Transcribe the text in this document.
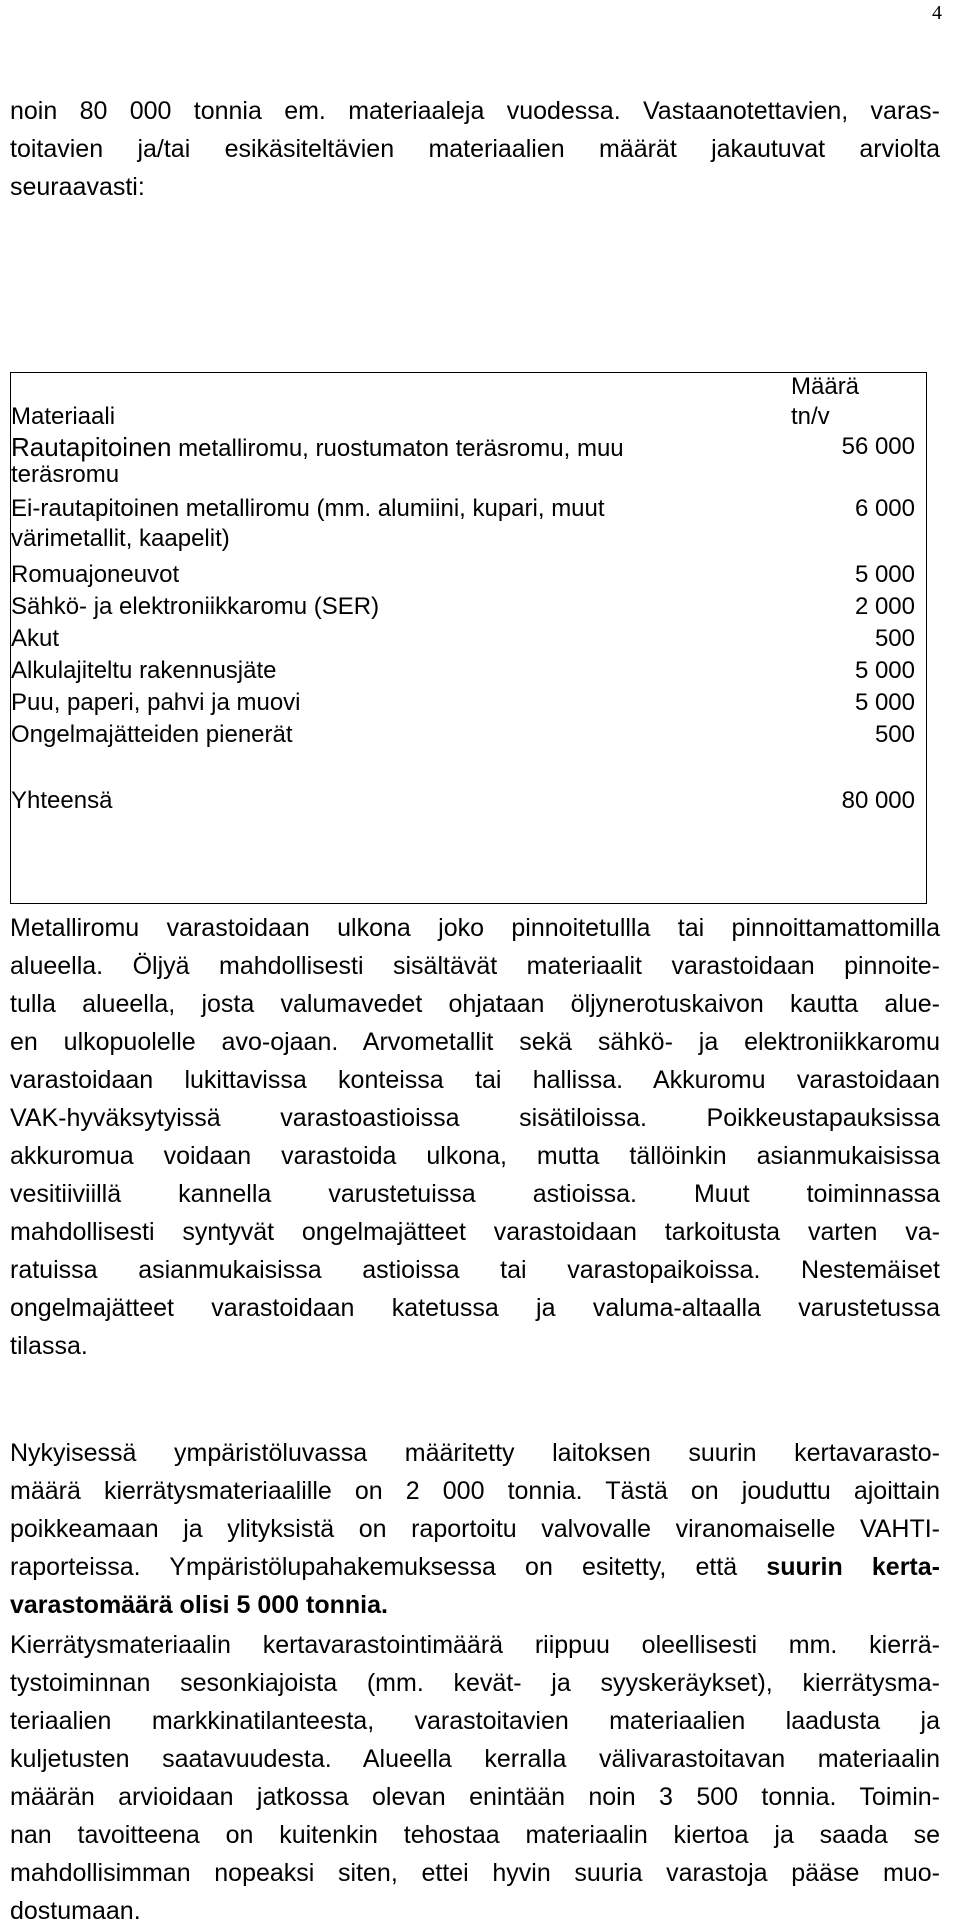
4
noin 80 000 tonnia em. materiaaleja vuodessa. Vastaanotettavien, varas-
toitavien ja/tai esikäsiteltävien materiaalien määrät jakautuvat arviolta
seuraavasti:
Määrä
Materiaali	tn/v
Rautapitoinen metalliromu, ruostumaton teräsromu, muu	56 000
teräsromu
Ei-rautapitoinen metalliromu (mm. alumiini, kupari, muut	6 000
värimetallit, kaapelit)
Romuajoneuvot	5 000
Sähkö- ja elektroniikkaromu (SER)	2 000
Akut	500
Alkulajiteltu rakennusjäte	5 000
Puu, paperi, pahvi ja muovi	5 000
Ongelmajätteiden pienerät	500
Yhteensä	80 000
Metalliromu varastoidaan ulkona joko pinnoitetullla tai pinnoittamattomilla
alueella. Öljyä mahdollisesti sisältävät materiaalit varastoidaan pinnoite-
tulla alueella, josta valumavedet ohjataan öljynerotuskaivon kautta aluе-
en ulkopuolelle avo-ojaan. Arvometallit sekä sähkö- ja elektroniikkaromu
varastoidaan lukittavissa konteissa tai hallissa. Akkuromu varastoidaan
VAK-hyväksytyissä varastoastioissa sisätiloissa. Poikkeustapauksissa
akkuromua voidaan varastoida ulkona, mutta tällöinkin asianmukaisissa
vesitiiviillä kannella varustetuissa astioissa. Muut toiminnassa
mahdollisesti syntyvät ongelmajätteet varastoidaan tarkoitusta varten va-
ratuissa asianmukaisissa astioissa tai varastopaikoissa. Nestemäiset
ongelmajätteet varastoidaan katetussa ja valuma-altaalla varustetussa
tilassa.
Nykyisessä ympäristöluvassa määritetty laitoksen suurin kertavarasto-
määrä kierrätysmateriaalille on 2 000 tonnia. Tästä on jouduttu ajoittain
poikkeamaan ja ylityksistä on raportoitu valvovalle viranomaiselle VAHTI-
raporteissa. Ympäristölupahakemuksessa on esitetty, että suurin kerta-
varastomäärä olisi 5 000 tonnia.
Kierrätysmateriaalin kertavarastointimäärä riippuu oleellisesti mm. kierrä-
tystoiminnan sesonkiajoista (mm. kevät- ja syyskeräykset), kierrätysma-
teriaalien markkinatilanteesta, varastoitavien materiaalien laadusta ja
kuljetusten saatavuudesta. Alueella kerralla välivarastoitavan materiaalin
määrän arvioidaan jatkossa olevan enintään noin 3 500 tonnia. Toimin-
nan tavoitteena on kuitenkin tehostaa materiaalin kiertoa ja saada se
mahdollisimman nopeaksi siten, ettei hyvin suuria varastoja pääse muo-
dostumaan.
